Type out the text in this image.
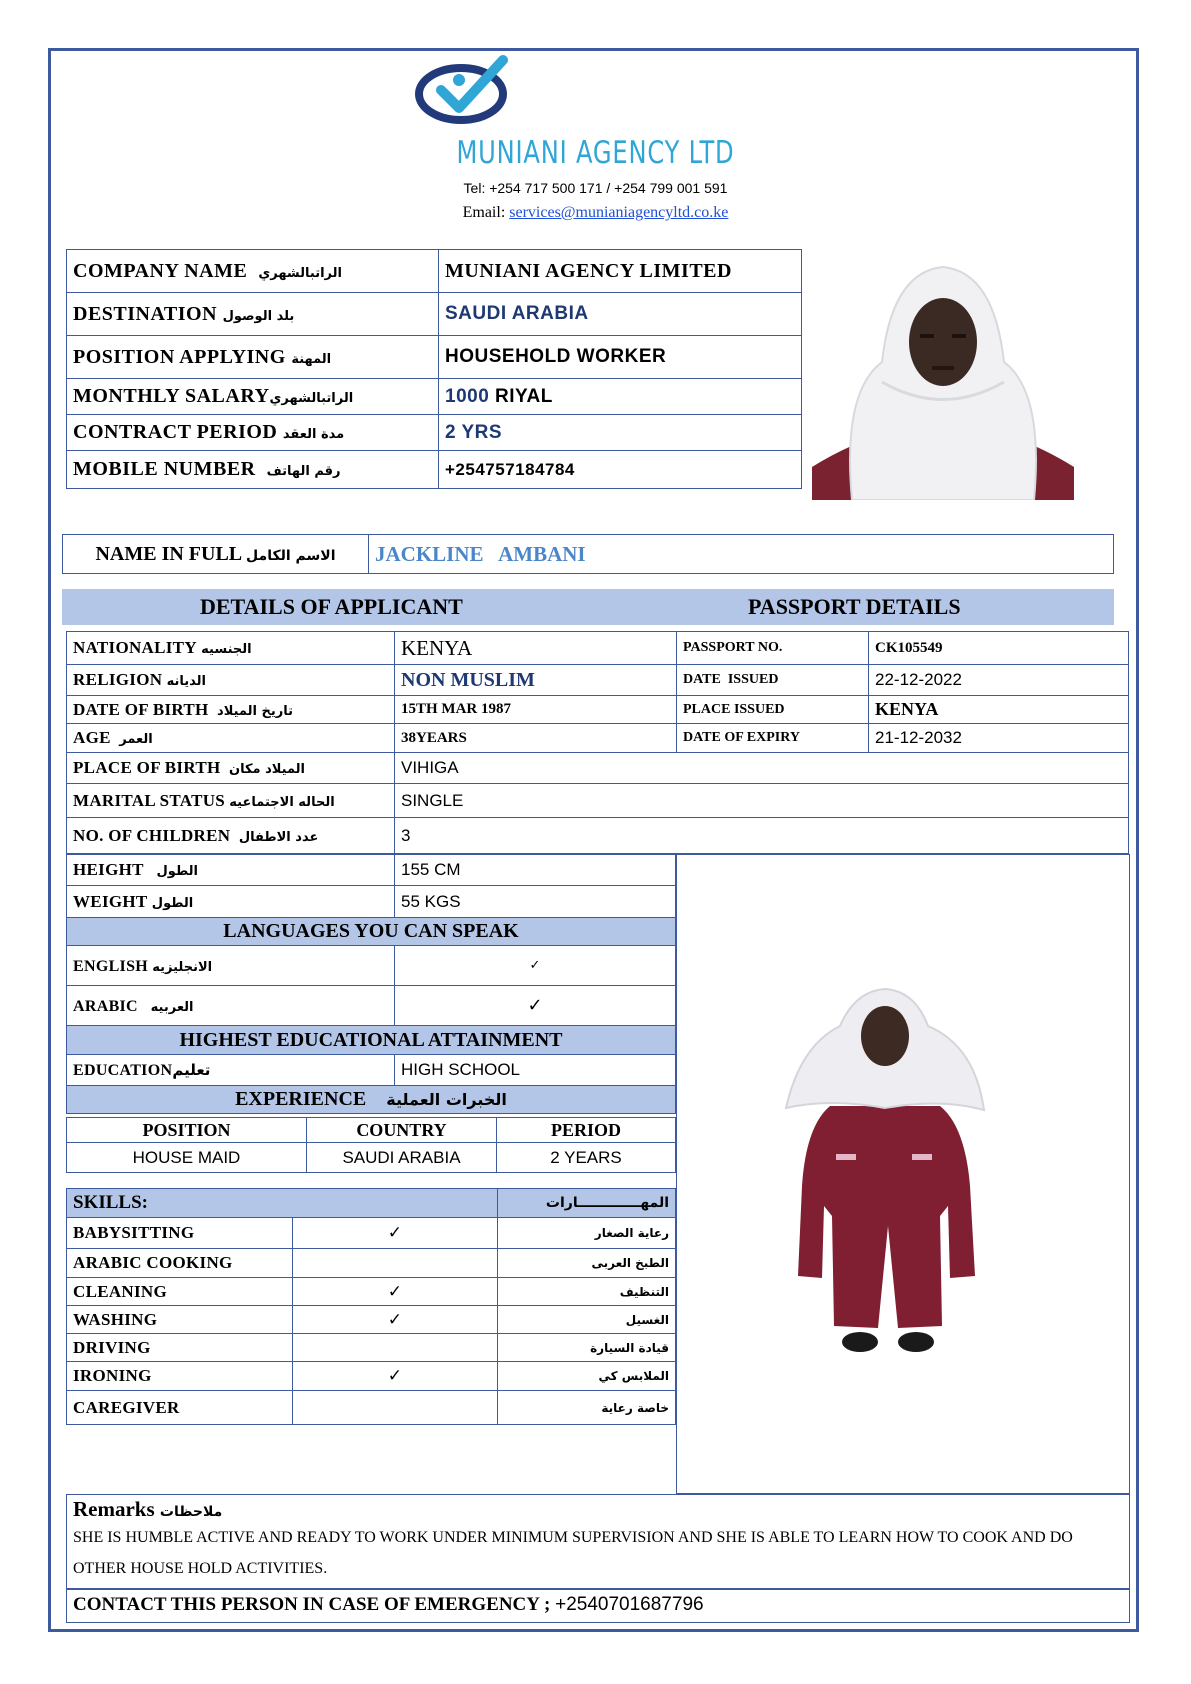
MUNIANI AGENCY LTD
Tel: +254 717 500 171 / +254 799 001 591
Email: services@munianiagencyltd.co.ke
COMPANY NAME الراتبالشهري	MUNIANI AGENCY LIMITED
DESTINATION بلد الوصول	SAUDI ARABIA
POSITION APPLYING المهنة	HOUSEHOLD WORKER
MONTHLY SALARYالراتبالشهري	1000 RIYAL
CONTRACT PERIOD مدة العقد	2 YRS
MOBILE NUMBER رقم الهاتف	+254757184784
NAME IN FULL الاسم الكامل	JACKLINE   AMBANI
DETAILS OF APPLICANT	PASSPORT DETAILS
NATIONALITY الجنسيه	KENYA	PASSPORT NO.	CK105549
RELIGION الديانه	NON MUSLIM	DATE  ISSUED	22-12-2022
DATE OF BIRTH تاريخ الميلاد	15TH MAR 1987	PLACE ISSUED	KENYA
AGE العمر	38YEARS	DATE OF EXPIRY	21-12-2032
PLACE OF BIRTH الميلاد مكان	VIHIGA		
MARITAL STATUS الحاله الاجتماعيه	SINGLE		
NO. OF CHILDREN عدد الاطفال	3		
HEIGHT الطول	155 CM
WEIGHT الطول	55 KGS
LANGUAGES YOU CAN SPEAK	
ENGLISH الانجليزيه	✓
ARABIC العربيه	✓
HIGHEST EDUCATIONAL ATTAINMENT	
EDUCATIONتعليم	HIGH SCHOOL
EXPERIENCE الخبرات العملية	
POSITION	COUNTRY	PERIOD
HOUSE MAID	SAUDI ARABIA	2 YEARS
SKILLS:		المهـــــــــــــارات
BABYSITTING	✓	رعاية الصغار
ARABIC COOKING		الطبخ العربى
CLEANING	✓	التنظيف
WASHING	✓	الغسيل
DRIVING		قيادة السيارة
IRONING	✓	الملابس كي
CAREGIVER		خاصة رعاية
Remarks ملاحظات
SHE IS HUMBLE ACTIVE AND READY TO WORK UNDER MINIMUM SUPERVISION AND SHE IS ABLE TO LEARN HOW TO COOK AND DO OTHER HOUSE HOLD ACTIVITIES.
CONTACT THIS PERSON IN CASE OF EMERGENCY ; +2540701687796
